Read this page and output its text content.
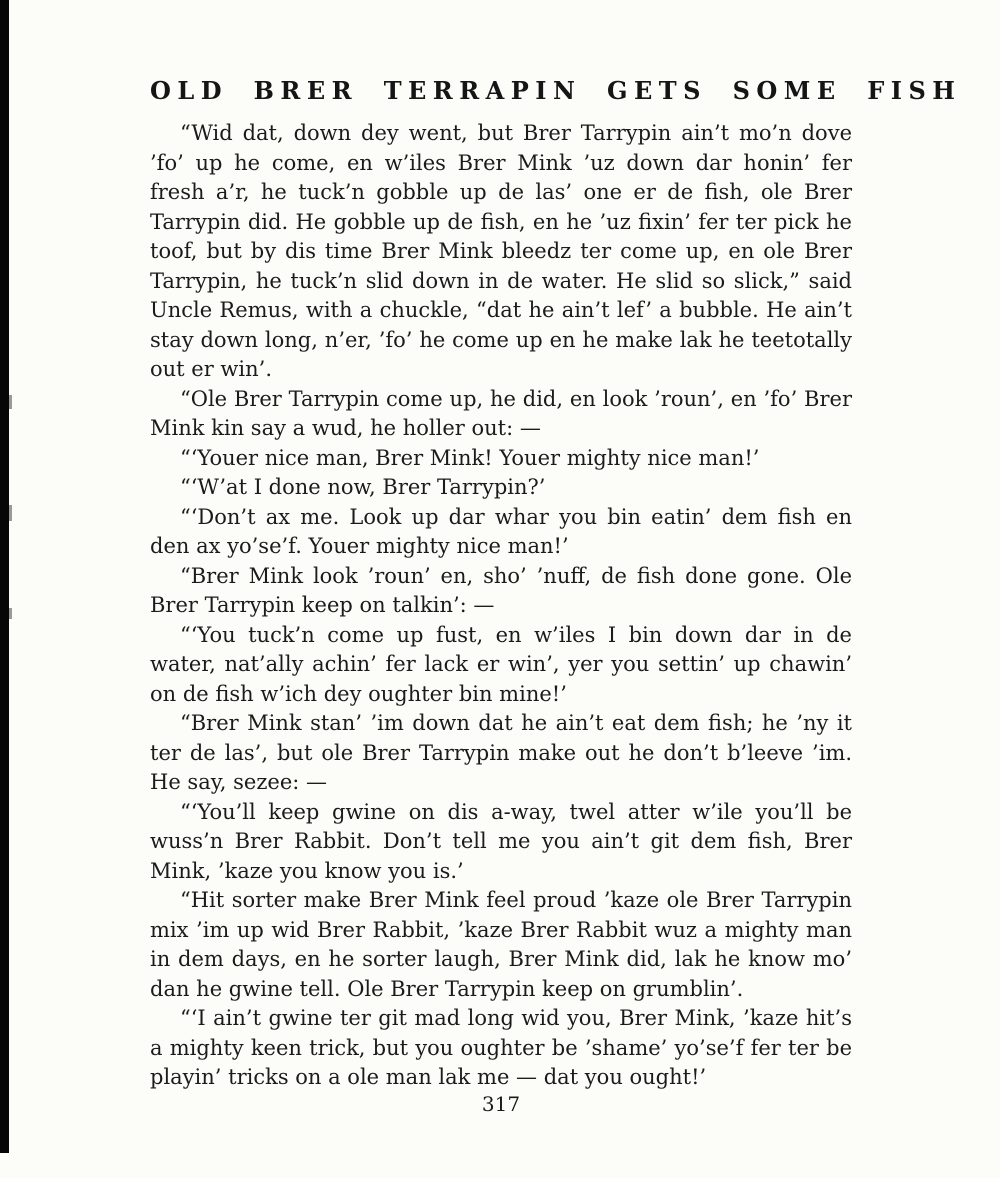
OLD BRER TERRAPIN GETS SOME FISH

“Wid dat, down dey went, but Brer Tarrypin ain’t mo’n dove ’fo’ up he come, en w’iles Brer Mink ’uz down dar honin’ fer fresh a’r, he tuck’n gobble up de las’ one er de fish, ole Brer Tarrypin did. He gobble up de fish, en he ’uz fixin’ fer ter pick he toof, but by dis time Brer Mink bleedz ter come up, en ole Brer Tarrypin, he tuck’n slid down in de water. He slid so slick,” said Uncle Remus, with a chuckle, “dat he ain’t lef’ a bubble. He ain’t stay down long, n’er, ’fo’ he come up en he make lak he teetotally out er win’.

“Ole Brer Tarrypin come up, he did, en look ’roun’, en ’fo’ Brer Mink kin say a wud, he holler out: —

“‘Youer nice man, Brer Mink! Youer mighty nice man!’

“‘W’at I done now, Brer Tarrypin?’

“‘Don’t ax me. Look up dar whar you bin eatin’ dem fish en den ax yo’se’f. Youer mighty nice man!’

“Brer Mink look ’roun’ en, sho’ ’nuff, de fish done gone. Ole Brer Tarrypin keep on talkin’: —

“‘You tuck’n come up fust, en w’iles I bin down dar in de water, nat’ally achin’ fer lack er win’, yer you settin’ up chawin’ on de fish w’ich dey oughter bin mine!’

“Brer Mink stan’ ’im down dat he ain’t eat dem fish; he ’ny it ter de las’, but ole Brer Tarrypin make out he don’t b’leeve ’im. He say, sezee: —

“‘You’ll keep gwine on dis a-way, twel atter w’ile you’ll be wuss’n Brer Rabbit. Don’t tell me you ain’t git dem fish, Brer Mink, ’kaze you know you is.’

“Hit sorter make Brer Mink feel proud ’kaze ole Brer Tarrypin mix ’im up wid Brer Rabbit, ’kaze Brer Rabbit wuz a mighty man in dem days, en he sorter laugh, Brer Mink did, lak he know mo’ dan he gwine tell. Ole Brer Tarrypin keep on grumblin’.

“‘I ain’t gwine ter git mad long wid you, Brer Mink, ’kaze hit’s a mighty keen trick, but you oughter be ’shame’ yo’se’f fer ter be playin’ tricks on a ole man lak me — dat you ought!’

317
